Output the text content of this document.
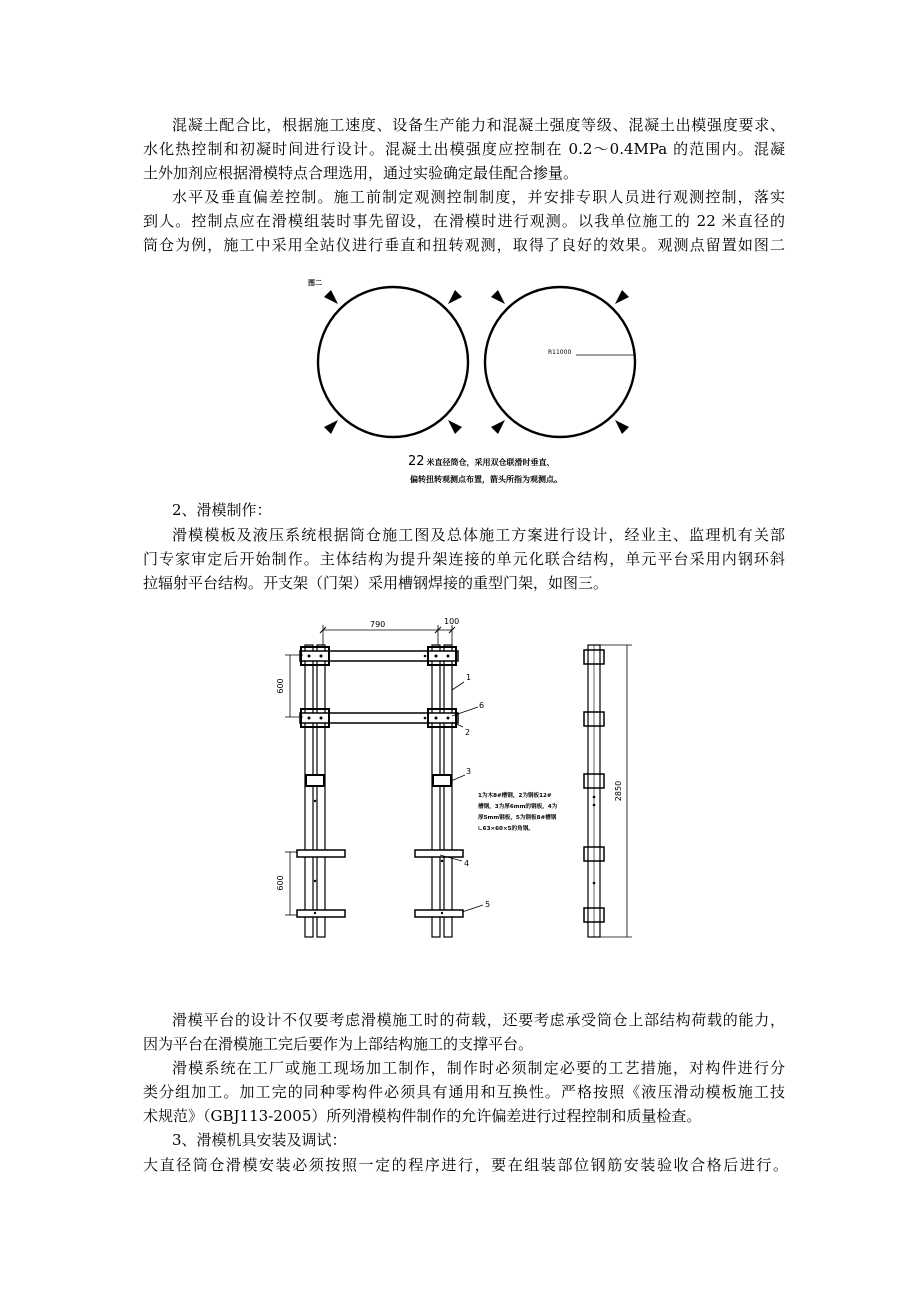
混凝土配合比，根据施工速度、设备生产能力和混凝土强度等级、混凝土出模强度要求、
水化热控制和初凝时间进行设计。混凝土出模强度应控制在 0.2～0.4MPa 的范围内。混凝
土外加剂应根据滑模特点合理选用，通过实验确定最佳配合掺量。
水平及垂直偏差控制。施工前制定观测控制制度，并安排专职人员进行观测控制，落实
到人。控制点应在滑模组装时事先留设，在滑模时进行观测。以我单位施工的 22 米直径的
筒仓为例，施工中采用全站仪进行垂直和扭转观测，取得了良好的效果。观测点留置如图二
图二
R11000
22 米直径筒仓，采用双仓联滑时垂直、
偏转扭转观测点布置，箭头所指为观测点。
2、滑模制作：
滑模模板及液压系统根据筒仓施工图及总体施工方案进行设计，经业主、监理机有关部
门专家审定后开始制作。主体结构为提升架连接的单元化联合结构，单元平台采用内钢环斜
拉辐射平台结构。开支架（门架）采用槽钢焊接的重型门架，如图三。
790	100
600
600
1
6
2
3
4
5
1为木8#槽钢，2为钢板12#
槽钢，3为厚6mm的钢板，4为
厚5mm钢板，5为钢板8#槽钢
∟63×60×5的角钢。
2850
滑模平台的设计不仅要考虑滑模施工时的荷载，还要考虑承受筒仓上部结构荷载的能力，
因为平台在滑模施工完后要作为上部结构施工的支撑平台。
滑模系统在工厂或施工现场加工制作，制作时必须制定必要的工艺措施，对构件进行分
类分组加工。加工完的同种零构件必须具有通用和互换性。严格按照《液压滑动模板施工技
术规范》（GBJ113-2005）所列滑模构件制作的允许偏差进行过程控制和质量检查。
3、滑模机具安装及调试：
大直径筒仓滑模安装必须按照一定的程序进行，要在组装部位钢筋安装验收合格后进行。
